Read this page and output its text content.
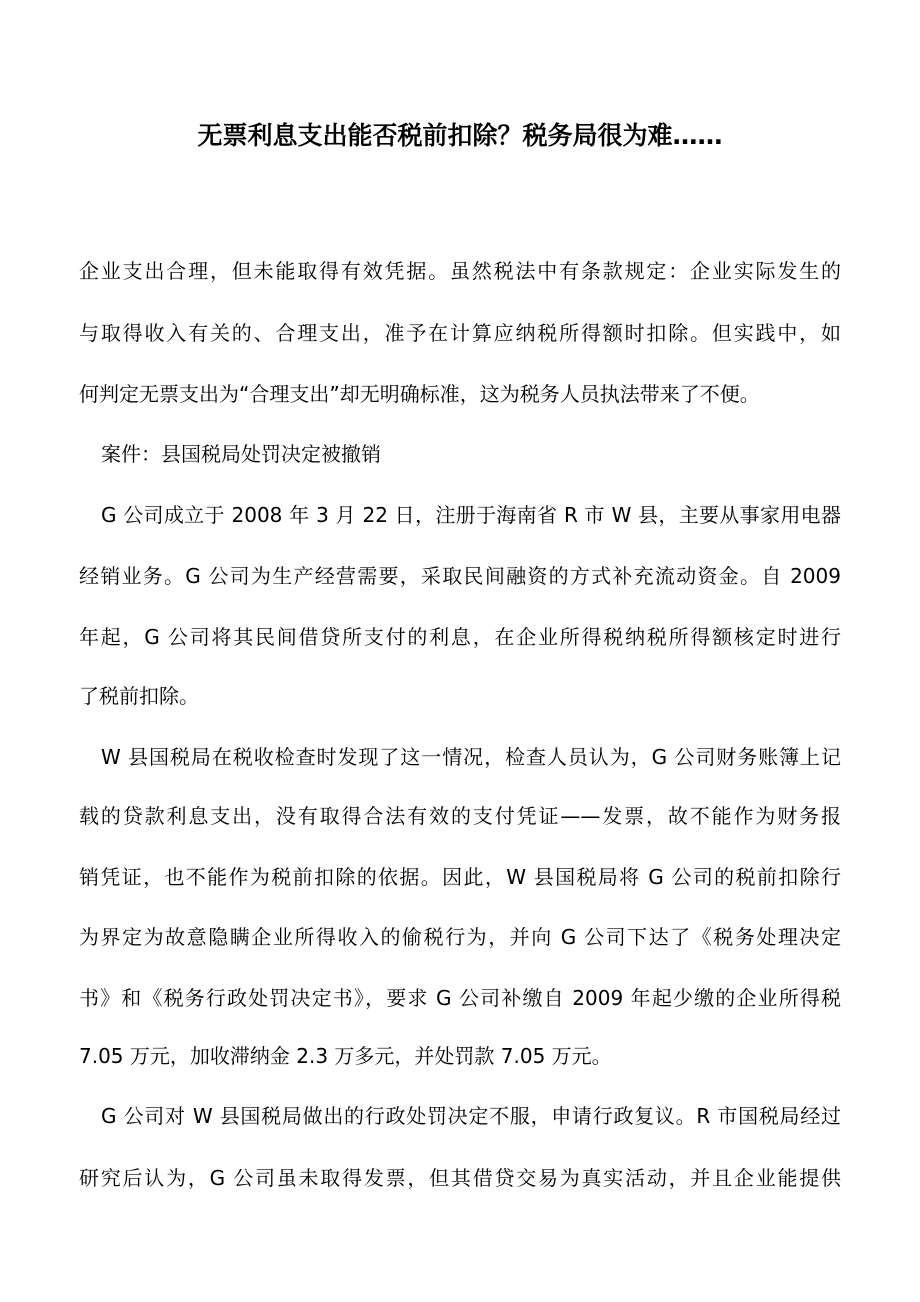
无票利息支出能否税前扣除？税务局很为难……
企业支出合理，但未能取得有效凭据。虽然税法中有条款规定：企业实际发生的
与取得收入有关的、合理支出，准予在计算应纳税所得额时扣除。但实践中，如
何判定无票支出为“合理支出”却无明确标准，这为税务人员执法带来了不便。
案件：县国税局处罚决定被撤销
G 公司成立于 2008 年 3 月 22 日，注册于海南省 R 市 W 县，主要从事家用电器
经销业务。G 公司为生产经营需要，采取民间融资的方式补充流动资金。自 2009
年起，G 公司将其民间借贷所支付的利息，在企业所得税纳税所得额核定时进行
了税前扣除。
W 县国税局在税收检查时发现了这一情况，检查人员认为，G 公司财务账簿上记
载的贷款利息支出，没有取得合法有效的支付凭证——发票，故不能作为财务报
销凭证，也不能作为税前扣除的依据。因此，W 县国税局将 G 公司的税前扣除行
为界定为故意隐瞒企业所得收入的偷税行为，并向 G 公司下达了《税务处理决定
书》和《税务行政处罚决定书》，要求 G 公司补缴自 2009 年起少缴的企业所得税
7.05 万元，加收滞纳金 2.3 万多元，并处罚款 7.05 万元。
G 公司对 W 县国税局做出的行政处罚决定不服，申请行政复议。R 市国税局经过
研究后认为，G 公司虽未取得发票，但其借贷交易为真实活动，并且企业能提供
